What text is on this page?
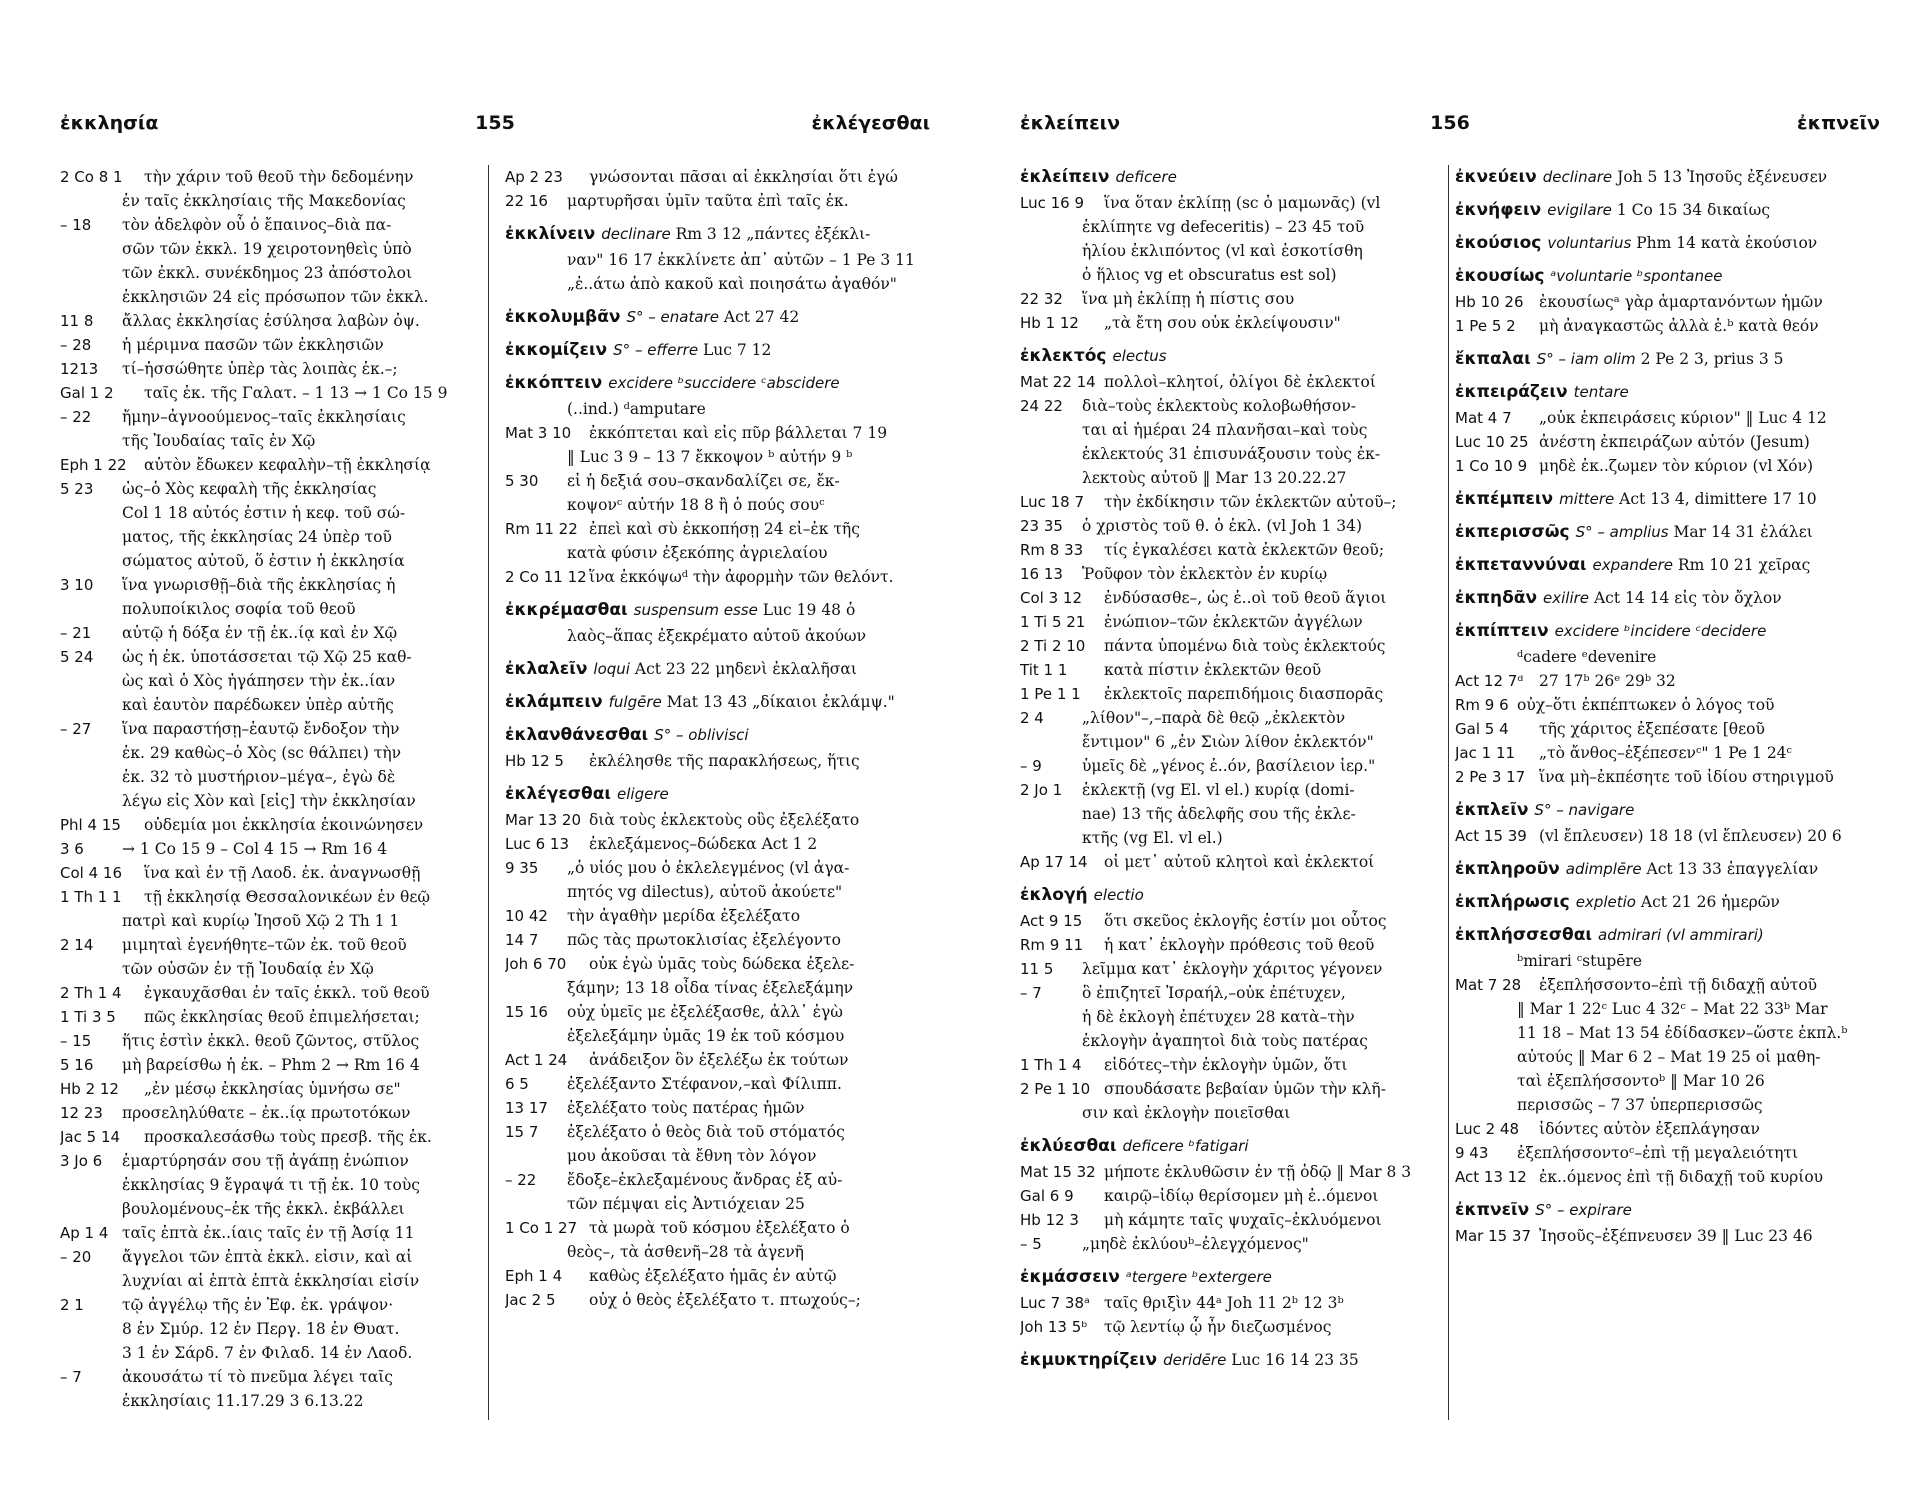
ἐκκλησία	155	ἐκλέγεσθαι
2 Co 8 1	τὴν χάριν τοῦ θεοῦ τὴν δεδομένην
ἐν ταῖς ἐκκλησίαις τῆς Μακεδονίας
– 18	τὸν ἀδελφὸν οὗ ὁ ἔπαινος–διὰ πα-
σῶν τῶν ἐκκλ. 19 χειροτονηθεὶς ὑπὸ
τῶν ἐκκλ. συνέκδημος 23 ἀπόστολοι
ἐκκλησιῶν 24 εἰς πρόσωπον τῶν ἐκκλ.
11 8	ἄλλας ἐκκλησίας ἐσύλησα λαβὼν ὀψ.
– 28	ἡ μέριμνα πασῶν τῶν ἐκκλησιῶν
1213	τί–ἡσσώθητε ὑπὲρ τὰς λοιπὰς ἐκ.–;
Gal 1 2	ταῖς ἐκ. τῆς Γαλατ. – 1 13 → 1 Co 15 9
– 22	ἤμην–ἀγνοούμενος–ταῖς ἐκκλησίαις
τῆς Ἰουδαίας ταῖς ἐν Χῷ
Eph 1 22	αὐτὸν ἔδωκεν κεφαλὴν–τῇ ἐκκλησίᾳ
5 23	ὡς–ὁ Χὸς κεφαλὴ τῆς ἐκκλησίας
Col 1 18 αὐτός ἐστιν ἡ κεφ. τοῦ σώ-
ματος, τῆς ἐκκλησίας 24 ὑπὲρ τοῦ
σώματος αὐτοῦ, ὅ ἐστιν ἡ ἐκκλησία
3 10	ἵνα γνωρισθῇ–διὰ τῆς ἐκκλησίας ἡ
πολυποίκιλος σοφία τοῦ θεοῦ
– 21	αὐτῷ ἡ δόξα ἐν τῇ ἐκ..ίᾳ καὶ ἐν Χῷ
5 24	ὡς ἡ ἐκ. ὑποτάσσεται τῷ Χῷ 25 καθ-
ὼς καὶ ὁ Χὸς ἠγάπησεν τὴν ἐκ..ίαν
καὶ ἑαυτὸν παρέδωκεν ὑπὲρ αὐτῆς
– 27	ἵνα παραστήσῃ–ἑαυτῷ ἔνδοξον τὴν
ἐκ. 29 καθὼς–ὁ Χὸς (sc θάλπει) τὴν
ἐκ. 32 τὸ μυστήριον–μέγα–, ἐγὼ δὲ
λέγω εἰς Χὸν καὶ [εἰς] τὴν ἐκκλησίαν
Phl 4 15	οὐδεμία μοι ἐκκλησία ἐκοινώνησεν
3 6	→ 1 Co 15 9 – Col 4 15 → Rm 16 4
Col 4 16	ἵνα καὶ ἐν τῇ Λαοδ. ἐκ. ἀναγνωσθῇ
1 Th 1 1	τῇ ἐκκλησίᾳ Θεσσαλονικέων ἐν θεῷ
πατρὶ καὶ κυρίῳ Ἰησοῦ Χῷ 2 Th 1 1
2 14	μιμηταὶ ἐγενήθητε–τῶν ἐκ. τοῦ θεοῦ
τῶν οὐσῶν ἐν τῇ Ἰουδαίᾳ ἐν Χῷ
2 Th 1 4	ἐγκαυχᾶσθαι ἐν ταῖς ἐκκλ. τοῦ θεοῦ
1 Ti 3 5	πῶς ἐκκλησίας θεοῦ ἐπιμελήσεται;
– 15	ἥτις ἐστὶν ἐκκλ. θεοῦ ζῶντος, στῦλος
5 16	μὴ βαρείσθω ἡ ἐκ. – Phm 2 → Rm 16 4
Hb 2 12	„ἐν μέσῳ ἐκκλησίας ὑμνήσω σε"
12 23	προσεληλύθατε – ἐκ..ίᾳ πρωτοτόκων
Jac 5 14	προσκαλεσάσθω τοὺς πρεσβ. τῆς ἐκ.
3 Jo 6	ἐμαρτύρησάν σου τῇ ἀγάπῃ ἐνώπιον
ἐκκλησίας 9 ἔγραψά τι τῇ ἐκ. 10 τοὺς
βουλομένους–ἐκ τῆς ἐκκλ. ἐκβάλλει
Ap 1 4 ταῖς ἑπτὰ ἐκ..ίαις ταῖς ἐν τῇ Ἀσίᾳ 11
– 20	ἄγγελοι τῶν ἑπτὰ ἐκκλ. εἰσιν, καὶ αἱ
λυχνίαι αἱ ἑπτὰ ἑπτὰ ἐκκλησίαι εἰσίν
2 1	τῷ ἀγγέλῳ τῆς ἐν Ἐφ. ἐκ. γράψον·
8 ἐν Σμύρ. 12 ἐν Περγ. 18 ἐν Θυατ.
3 1 ἐν Σάρδ. 7 ἐν Φιλαδ. 14 ἐν Λαοδ.
– 7	ἀκουσάτω τί τὸ πνεῦμα λέγει ταῖς
ἐκκλησίαις 11.17.29 3 6.13.22
Ap 2 23	γνώσονται πᾶσαι αἱ ἐκκλησίαι ὅτι ἐγώ
22 16	μαρτυρῆσαι ὑμῖν ταῦτα ἐπὶ ταῖς ἐκ.
ἐκκλίνειν declinare Rm 3 12 „πάντες ἐξέκλι-
ναν" 16 17 ἐκκλίνετε ἀπ᾽ αὐτῶν – 1 Pe 3 11
„ἐ..άτω ἀπὸ κακοῦ καὶ ποιησάτω ἀγαθόν"
ἐκκολυμβᾶν S° – enatare Act 27 42
ἐκκομίζειν S° – efferre Luc 7 12
ἐκκόπτειν excidere ᵇsuccidere ᶜabscidere
(..ind.) ᵈamputare
Mat 3 10	ἐκκόπτεται καὶ εἰς πῦρ βάλλεται 7 19
‖ Luc 3 9 – 13 7 ἔκκοψον ᵇ αὐτήν 9 ᵇ
5 30	εἰ ἡ δεξιά σου–σκανδαλίζει σε, ἔκ-
κοψονᶜ αὐτήν 18 8 ἢ ὁ πούς σουᶜ
Rm 11 22 ἐπεὶ καὶ σὺ ἐκκοπήσῃ 24 εἰ–ἐκ τῆς
κατὰ φύσιν ἐξεκόπης ἀγριελαίου
2 Co 11 12 ἵνα ἐκκόψωᵈ τὴν ἀφορμὴν τῶν θελόντ.
ἐκκρέμασθαι suspensum esse Luc 19 48 ὁ
λαὸς–ἅπας ἐξεκρέματο αὐτοῦ ἀκούων
ἐκλαλεῖν loqui Act 23 22 μηδενὶ ἐκλαλῆσαι
ἐκλάμπειν fulgēre Mat 13 43 „δίκαιοι ἐκλάμψ."
ἐκλανθάνεσθαι S° – oblivisci
Hb 12 5	ἐκλέλησθε τῆς παρακλήσεως, ἥτις
ἐκλέγεσθαι eligere
Mar 13 20 διὰ τοὺς ἐκλεκτοὺς οὓς ἐξελέξατο
Luc 6 13	ἐκλεξάμενος–δώδεκα Act 1 2
9 35	„ὁ υἱός μου ὁ ἐκλελεγμένος (vl ἀγα-
πητός vg dilectus), αὐτοῦ ἀκούετε"
10 42	τὴν ἀγαθὴν μερίδα ἐξελέξατο
14 7	πῶς τὰς πρωτοκλισίας ἐξελέγοντο
Joh 6 70	οὐκ ἐγὼ ὑμᾶς τοὺς δώδεκα ἐξελε-
ξάμην; 13 18 οἶδα τίνας ἐξελεξάμην
15 16	οὐχ ὑμεῖς με ἐξελέξασθε, ἀλλ᾽ ἐγὼ
ἐξελεξάμην ὑμᾶς 19 ἐκ τοῦ κόσμου
Act 1 24	ἀνάδειξον ὃν ἐξελέξω ἐκ τούτων
6 5	ἐξελέξαντο Στέφανον,–καὶ Φίλιππ.
13 17	ἐξελέξατο τοὺς πατέρας ἡμῶν
15 7	ἐξελέξατο ὁ θεὸς διὰ τοῦ στόματός
μου ἀκοῦσαι τὰ ἔθνη τὸν λόγον
– 22	ἔδοξε–ἐκλεξαμένους ἄνδρας ἐξ αὐ-
τῶν πέμψαι εἰς Ἀντιόχειαν 25
1 Co 1 27 τὰ μωρὰ τοῦ κόσμου ἐξελέξατο ὁ
θεὸς–, τὰ ἀσθενῆ–28 τὰ ἀγενῆ
Eph 1 4	καθὼς ἐξελέξατο ἡμᾶς ἐν αὐτῷ
Jac 2 5	οὐχ ὁ θεὸς ἐξελέξατο τ. πτωχούς–;
ἐκλείπειν	156	ἐκπνεῖν
ἐκλείπειν deficere
Luc 16 9	ἵνα ὅταν ἐκλίπῃ (sc ὁ μαμωνᾶς) (vl
ἐκλίπητε vg defeceritis) – 23 45 τοῦ
ἡλίου ἐκλιπόντος (vl καὶ ἐσκοτίσθη
ὁ ἥλιος vg et obscuratus est sol)
22 32	ἵνα μὴ ἐκλίπῃ ἡ πίστις σου
Hb 1 12	„τὰ ἔτη σου οὐκ ἐκλείψουσιν"
ἐκλεκτός electus
Mat 22 14 πολλοὶ–κλητοί, ὀλίγοι δὲ ἐκλεκτοί
24 22	διὰ–τοὺς ἐκλεκτοὺς κολοβωθήσον-
ται αἱ ἡμέραι 24 πλανῆσαι–καὶ τοὺς
ἐκλεκτούς 31 ἐπισυνάξουσιν τοὺς ἐκ-
λεκτοὺς αὐτοῦ ‖ Mar 13 20.22.27
Luc 18 7	τὴν ἐκδίκησιν τῶν ἐκλεκτῶν αὐτοῦ–;
23 35	ὁ χριστὸς τοῦ θ. ὁ ἐκλ. (vl Joh 1 34)
Rm 8 33	τίς ἐγκαλέσει κατὰ ἐκλεκτῶν θεοῦ;
16 13	Ῥοῦφον τὸν ἐκλεκτὸν ἐν κυρίῳ
Col 3 12	ἐνδύσασθε–, ὡς ἐ..οὶ τοῦ θεοῦ ἅγιοι
1 Ti 5 21	ἐνώπιον–τῶν ἐκλεκτῶν ἀγγέλων
2 Ti 2 10	πάντα ὑπομένω διὰ τοὺς ἐκλεκτούς
Tit 1 1	κατὰ πίστιν ἐκλεκτῶν θεοῦ
1 Pe 1 1	ἐκλεκτοῖς παρεπιδήμοις διασπορᾶς
2 4	„λίθον"–,–παρὰ δὲ θεῷ „ἐκλεκτὸν
ἔντιμον" 6 „ἐν Σιὼν λίθον ἐκλεκτόν"
– 9	ὑμεῖς δὲ „γένος ἐ..όν, βασίλειον ἱερ."
2 Jo 1	ἐκλεκτῇ (vg El. vl el.) κυρίᾳ (domi-
nae) 13 τῆς ἀδελφῆς σου τῆς ἐκλε-
κτῆς (vg El. vl el.)
Ap 17 14	οἱ μετ᾽ αὐτοῦ κλητοὶ καὶ ἐκλεκτοί
ἐκλογή electio
Act 9 15	ὅτι σκεῦος ἐκλογῆς ἐστίν μοι οὗτος
Rm 9 11	ἡ κατ᾽ ἐκλογὴν πρόθεσις τοῦ θεοῦ
11 5	λεῖμμα κατ᾽ ἐκλογὴν χάριτος γέγονεν
– 7	ὃ ἐπιζητεῖ Ἰσραήλ,–οὐκ ἐπέτυχεν,
ἡ δὲ ἐκλογὴ ἐπέτυχεν 28 κατὰ–τὴν
ἐκλογὴν ἀγαπητοὶ διὰ τοὺς πατέρας
1 Th 1 4	εἰδότες–τὴν ἐκλογὴν ὑμῶν, ὅτι
2 Pe 1 10 σπουδάσατε βεβαίαν ὑμῶν τὴν κλῆ-
σιν καὶ ἐκλογὴν ποιεῖσθαι
ἐκλύεσθαι deficere ᵇfatigari
Mat 15 32 μήποτε ἐκλυθῶσιν ἐν τῇ ὁδῷ ‖ Mar 8 3
Gal 6 9	καιρῷ–ἰδίῳ θερίσομεν μὴ ἐ..όμενοι
Hb 12 3	μὴ κάμητε ταῖς ψυχαῖς–ἐκλυόμενοι
– 5	„μηδὲ ἐκλύουᵇ–ἐλεγχόμενος"
ἐκμάσσειν ᵃtergere ᵇextergere
Luc 7 38ᵃ ταῖς θριξὶν 44ᵃ Joh 11 2ᵇ 12 3ᵇ
Joh 13 5ᵇ	τῷ λεντίῳ ᾧ ἦν διεζωσμένος
ἐκμυκτηρίζειν deridēre Luc 16 14 23 35
ἐκνεύειν declinare Joh 5 13 Ἰησοῦς ἐξένευσεν
ἐκνήφειν evigilare 1 Co 15 34 δικαίως
ἑκούσιος voluntarius Phm 14 κατὰ ἑκούσιον
ἑκουσίως ᵃvoluntarie ᵇspontanee
Hb 10 26 ἑκουσίωςᵃ γὰρ ἁμαρτανόντων ἡμῶν
1 Pe 5 2	μὴ ἀναγκαστῶς ἀλλὰ ἑ.ᵇ κατὰ θεόν
ἔκπαλαι S° – iam olim 2 Pe 2 3, prius 3 5
ἐκπειράζειν tentare
Mat 4 7	„οὐκ ἐκπειράσεις κύριον" ‖ Luc 4 12
Luc 10 25 ἀνέστη ἐκπειράζων αὐτόν (Jesum)
1 Co 10 9 μηδὲ ἐκ..ζωμεν τὸν κύριον (vl Χόν)
ἐκπέμπειν mittere Act 13 4, dimittere 17 10
ἐκπερισσῶς S° – amplius Mar 14 31 ἐλάλει
ἐκπεταννύναι expandere Rm 10 21 χεῖρας
ἐκπηδᾶν exilire Act 14 14 εἰς τὸν ὄχλον
ἐκπίπτειν excidere ᵇincidere ᶜdecidere
ᵈcadere ᵉdevenire
Act 12 7ᵈ	27 17ᵇ 26ᵉ 29ᵇ 32
Rm 9 6 οὐχ–ὅτι ἐκπέπτωκεν ὁ λόγος τοῦ
Gal 5 4	τῆς χάριτος ἐξεπέσατε [θεοῦ
Jac 1 11	„τὸ ἄνθος–ἐξέπεσενᶜ" 1 Pe 1 24ᶜ
2 Pe 3 17 ἵνα μὴ–ἐκπέσητε τοῦ ἰδίου στηριγμοῦ
ἐκπλεῖν S° – navigare
Act 15 39 (vl ἔπλευσεν) 18 18 (vl ἔπλευσεν) 20 6
ἐκπληροῦν adimplēre Act 13 33 ἐπαγγελίαν
ἐκπλήρωσις expletio Act 21 26 ἡμερῶν
ἐκπλήσσεσθαι admirari (vl ammirari)
ᵇmirari ᶜstupēre
Mat 7 28	ἐξεπλήσσοντο–ἐπὶ τῇ διδαχῇ αὐτοῦ
‖ Mar 1 22ᶜ Luc 4 32ᶜ – Mat 22 33ᵇ Mar
11 18 – Mat 13 54 ἐδίδασκεν–ὥστε ἐκπλ.ᵇ
αὐτούς ‖ Mar 6 2 – Mat 19 25 οἱ μαθη-
ταὶ ἐξεπλήσσοντοᵇ ‖ Mar 10 26
περισσῶς – 7 37 ὑπερπερισσῶς
Luc 2 48	ἰδόντες αὐτὸν ἐξεπλάγησαν
9 43	ἐξεπλήσσοντοᶜ–ἐπὶ τῇ μεγαλειότητι
Act 13 12 ἐκ..όμενος ἐπὶ τῇ διδαχῇ τοῦ κυρίου
ἐκπνεῖν S° – expirare
Mar 15 37 Ἰησοῦς–ἐξέπνευσεν 39 ‖ Luc 23 46
